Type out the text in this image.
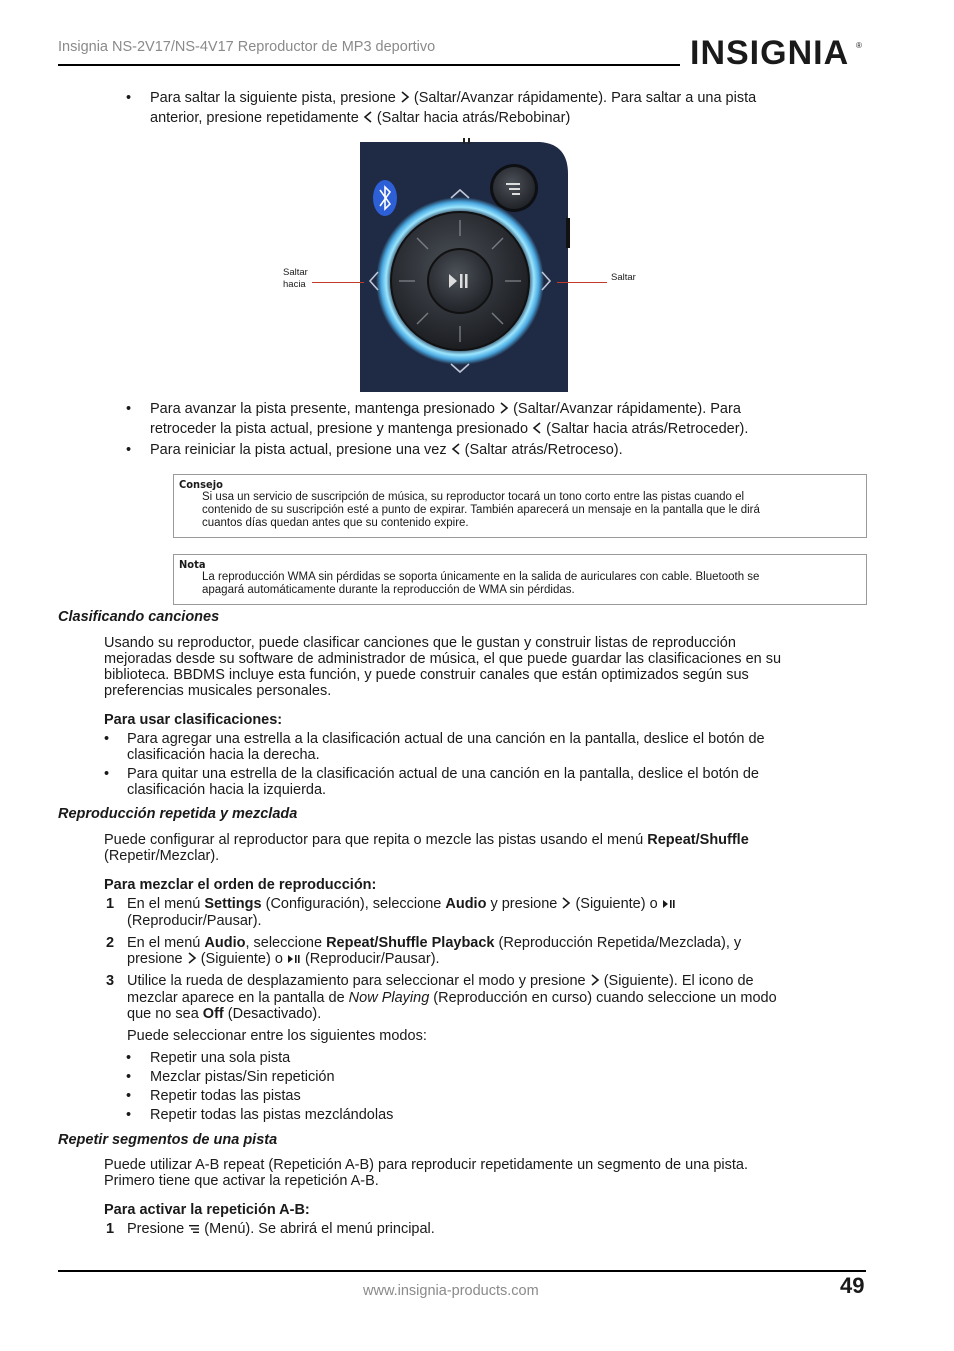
Insignia NS-2V17/NS-4V17 Reproductor de MP3 deportivo	INSIGNIA ®
• Para saltar la siguiente pista, presione (Saltar/Avanzar rápidamente). Para saltar a una pista
anterior, presione repetidamente (Saltar hacia atrás/Rebobinar)
Saltar
hacia
Saltar
• Para avanzar la pista presente, mantenga presionado (Saltar/Avanzar rápidamente). Para
retroceder la pista actual, presione y mantenga presionado (Saltar hacia atrás/Retroceder).
• Para reiniciar la pista actual, presione una vez (Saltar atrás/Retroceso).
Consejo
Si usa un servicio de suscripción de música, su reproductor tocará un tono corto entre las pistas cuando el
contenido de su suscripción esté a punto de expirar. También aparecerá un mensaje en la pantalla que le dirá
cuantos días quedan antes que su contenido expire.
Nota
La reproducción WMA sin pérdidas se soporta únicamente en la salida de auriculares con cable. Bluetooth se
apagará automáticamente durante la reproducción de WMA sin pérdidas.
Clasificando canciones
Usando su reproductor, puede clasificar canciones que le gustan y construir listas de reproducción
mejoradas desde su software de administrador de música, el que puede guardar las clasificaciones en su
biblioteca. BBDMS incluye esta función, y puede construir canales que están optimizados según sus
preferencias musicales personales.
Para usar clasificaciones:
• Para agregar una estrella a la clasificación actual de una canción en la pantalla, deslice el botón de
clasificación hacia la derecha.
• Para quitar una estrella de la clasificación actual de una canción en la pantalla, deslice el botón de
clasificación hacia la izquierda.
Reproducción repetida y mezclada
Puede configurar al reproductor para que repita o mezcle las pistas usando el menú Repeat/Shuffle
(Repetir/Mezclar).
Para mezclar el orden de reproducción:
1 En el menú Settings (Configuración), seleccione Audio y presione (Siguiente) o
(Reproducir/Pausar).
2 En el menú Audio, seleccione Repeat/Shuffle Playback (Reproducción Repetida/Mezclada), y
presione (Siguiente) o (Reproducir/Pausar).
3 Utilice la rueda de desplazamiento para seleccionar el modo y presione (Siguiente). El icono de
mezclar aparece en la pantalla de Now Playing (Reproducción en curso) cuando seleccione un modo
que no sea Off (Desactivado).
Puede seleccionar entre los siguientes modos:
• Repetir una sola pista
• Mezclar pistas/Sin repetición
• Repetir todas las pistas
• Repetir todas las pistas mezclándolas
Repetir segmentos de una pista
Puede utilizar A-B repeat (Repetición A-B) para reproducir repetidamente un segmento de una pista.
Primero tiene que activar la repetición A-B.
Para activar la repetición A-B:
1 Presione (Menú). Se abrirá el menú principal.
www.insignia-products.com	49
